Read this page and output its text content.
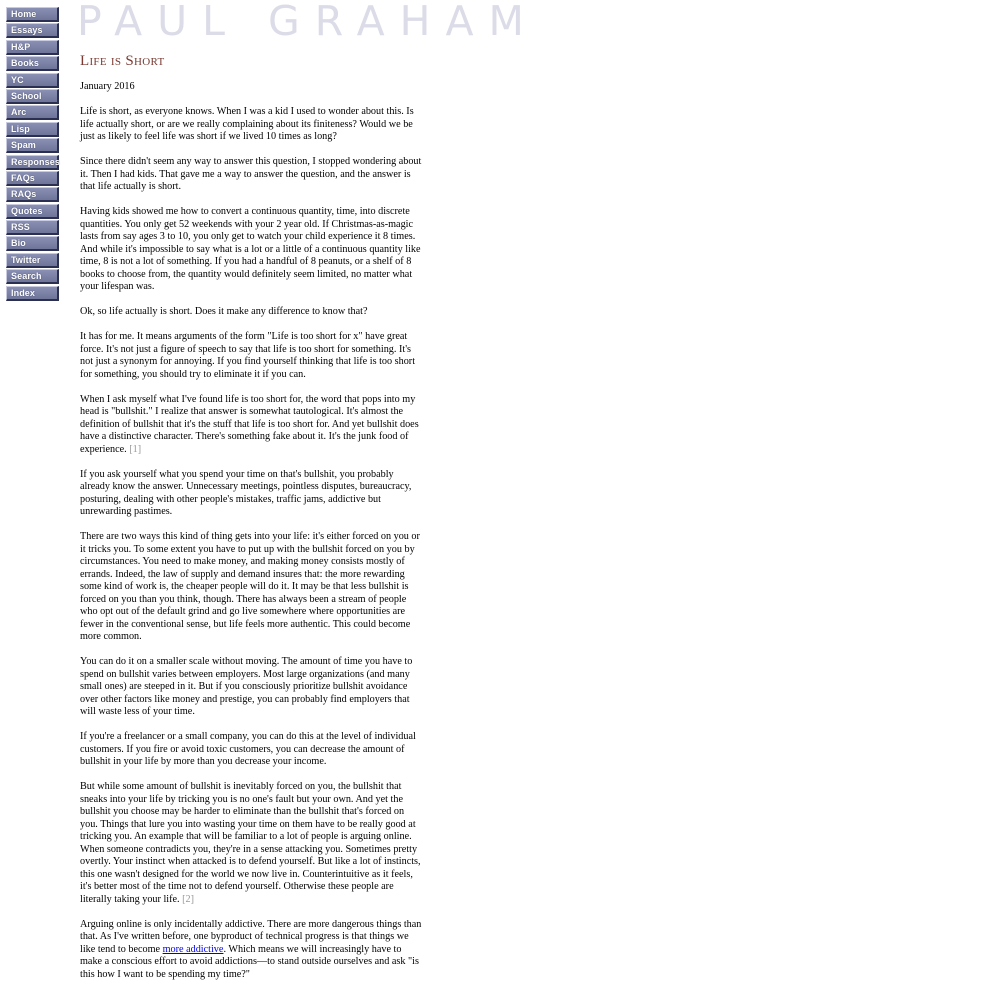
Home
Essays
H&P
Books
YC
School
Arc
Lisp
Spam
Responses
FAQs
RAQs
Quotes
RSS
Bio
Twitter
Search
Index
PAUL GRAHAM
Life is Short

January 2016

Life is short, as everyone knows. When I was a kid I used to wonder about this. Is life actually short, or are we really complaining about its finiteness? Would we be just as likely to feel life was short if we lived 10 times as long?

Since there didn't seem any way to answer this question, I stopped wondering about it. Then I had kids. That gave me a way to answer the question, and the answer is that life actually is short.

Having kids showed me how to convert a continuous quantity, time, into discrete quantities. You only get 52 weekends with your 2 year old. If Christmas-as-magic lasts from say ages 3 to 10, you only get to watch your child experience it 8 times. And while it's impossible to say what is a lot or a little of a continuous quantity like time, 8 is not a lot of something. If you had a handful of 8 peanuts, or a shelf of 8 books to choose from, the quantity would definitely seem limited, no matter what your lifespan was.

Ok, so life actually is short. Does it make any difference to know that?

It has for me. It means arguments of the form "Life is too short for x" have great force. It's not just a figure of speech to say that life is too short for something. It's not just a synonym for annoying. If you find yourself thinking that life is too short for something, you should try to eliminate it if you can.

When I ask myself what I've found life is too short for, the word that pops into my head is "bullshit." I realize that answer is somewhat tautological. It's almost the definition of bullshit that it's the stuff that life is too short for. And yet bullshit does have a distinctive character. There's something fake about it. It's the junk food of experience. [1]

If you ask yourself what you spend your time on that's bullshit, you probably already know the answer. Unnecessary meetings, pointless disputes, bureaucracy, posturing, dealing with other people's mistakes, traffic jams, addictive but unrewarding pastimes.

There are two ways this kind of thing gets into your life: it's either forced on you or it tricks you. To some extent you have to put up with the bullshit forced on you by circumstances. You need to make money, and making money consists mostly of errands. Indeed, the law of supply and demand insures that: the more rewarding some kind of work is, the cheaper people will do it. It may be that less bullshit is forced on you than you think, though. There has always been a stream of people who opt out of the default grind and go live somewhere where opportunities are fewer in the conventional sense, but life feels more authentic. This could become more common.

You can do it on a smaller scale without moving. The amount of time you have to spend on bullshit varies between employers. Most large organizations (and many small ones) are steeped in it. But if you consciously prioritize bullshit avoidance over other factors like money and prestige, you can probably find employers that will waste less of your time.

If you're a freelancer or a small company, you can do this at the level of individual customers. If you fire or avoid toxic customers, you can decrease the amount of bullshit in your life by more than you decrease your income.

But while some amount of bullshit is inevitably forced on you, the bullshit that sneaks into your life by tricking you is no one's fault but your own. And yet the bullshit you choose may be harder to eliminate than the bullshit that's forced on you. Things that lure you into wasting your time on them have to be really good at tricking you. An example that will be familiar to a lot of people is arguing online. When someone contradicts you, they're in a sense attacking you. Sometimes pretty overtly. Your instinct when attacked is to defend yourself. But like a lot of instincts, this one wasn't designed for the world we now live in. Counterintuitive as it feels, it's better most of the time not to defend yourself. Otherwise these people are literally taking your life. [2]

Arguing online is only incidentally addictive. There are more dangerous things than that. As I've written before, one byproduct of technical progress is that things we like tend to become more addictive. Which means we will increasingly have to make a conscious effort to avoid addictions—to stand outside ourselves and ask "is this how I want to be spending my time?"
